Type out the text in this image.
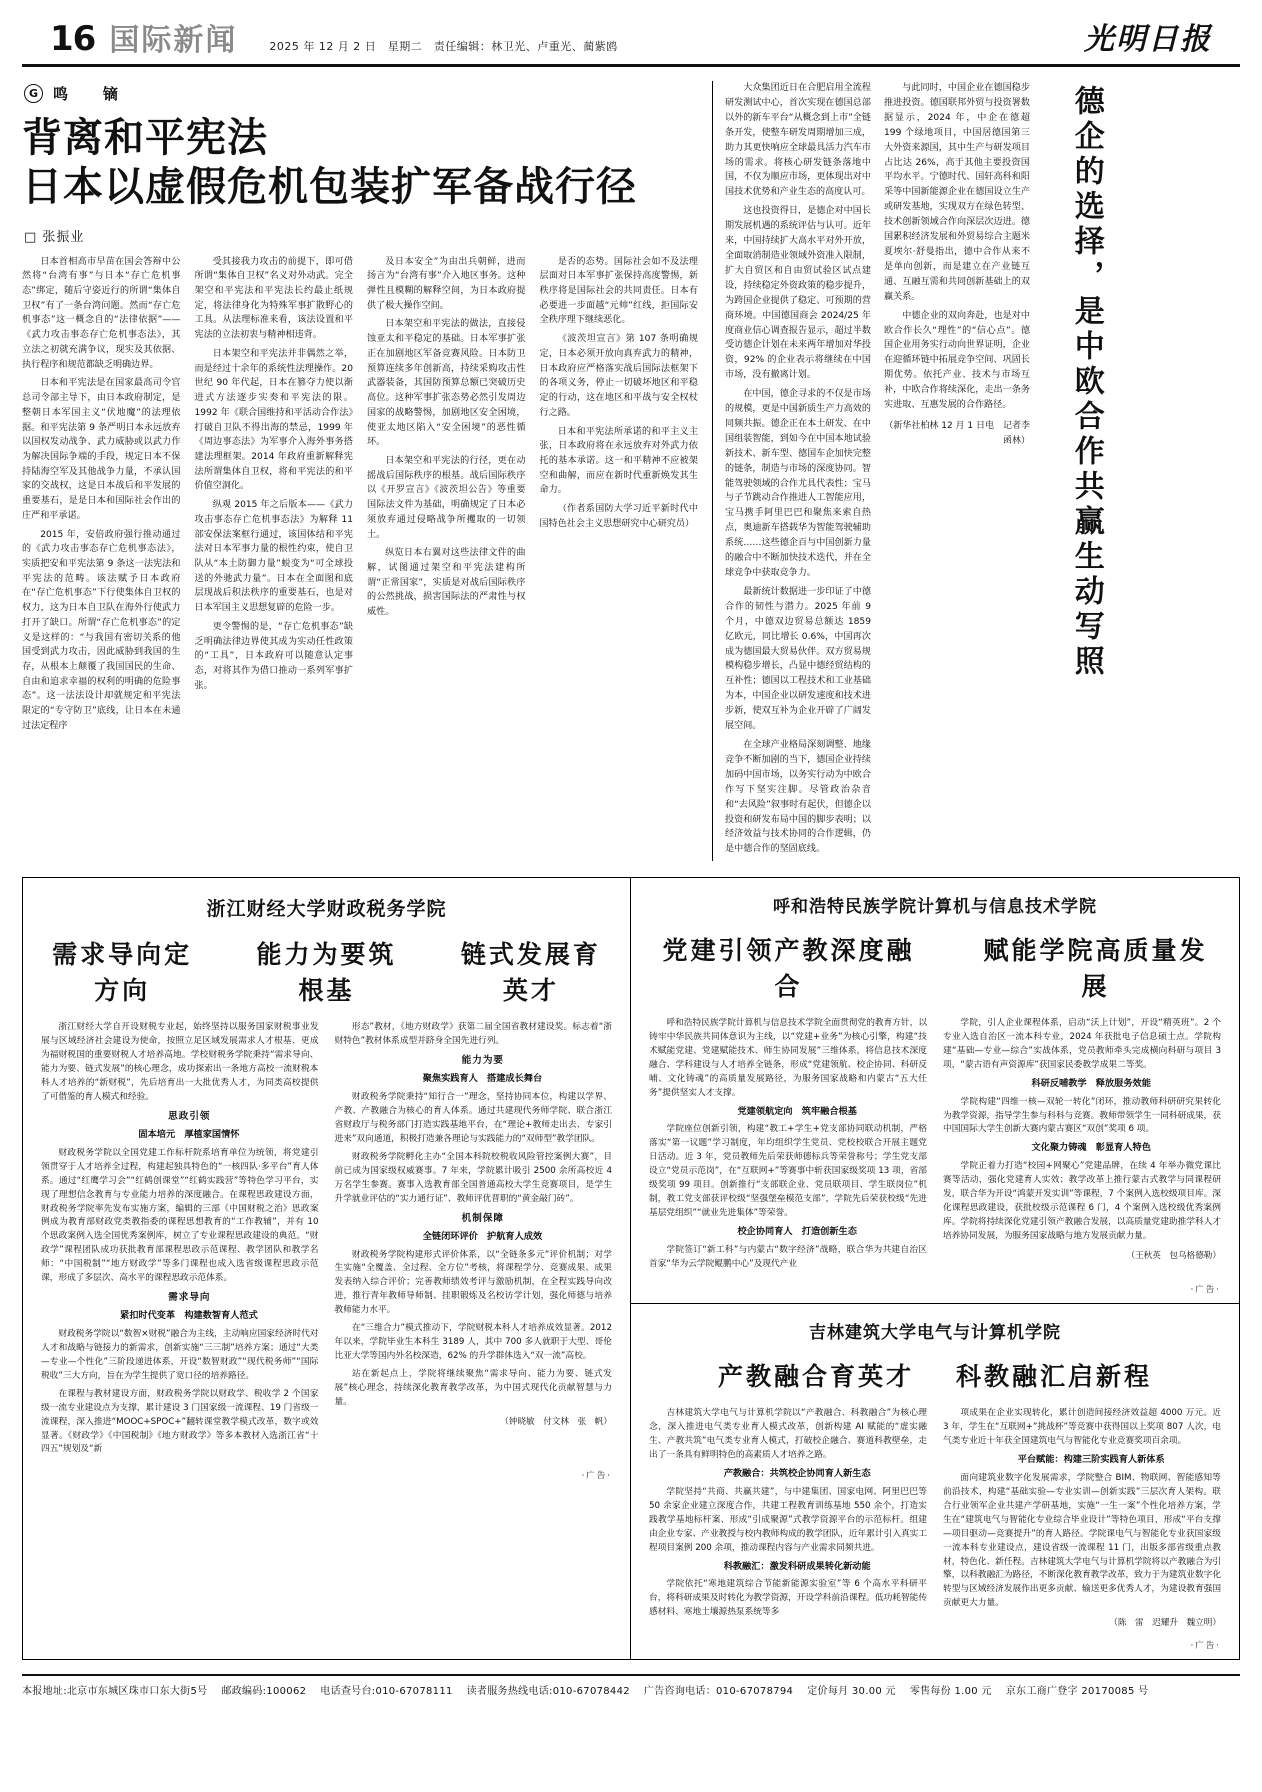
16 国际新闻	2025 年 12 月 2 日　星期二　责任编辑：林卫光、卢重光、蔺紫鸥	光明日报
G 鸣　镝
背离和平宪法
日本以虚假危机包装扩军备战行径
□ 张振业

日本首相高市早苗在国会答辩中公然将“台湾有事”与日本“存亡危机事态”绑定，随后守姿近行的所谓“集体自卫权”有了一条台湾问题。然而“存亡危机事态”这一概念自的“法律依据”——《武力攻击事态存亡危机事态法》，其立法之初就充满争议，现实及其依据、执行程序和规范都缺乏明确边界。

日本和平宪法是在国家最高司令官总司令部主导下，由日本政府制定，是整朝日本军国主义“伏地魔”的法理依据。和平宪法第 9 条严明日本永远放弃以国权发动战争、武力威胁或以武力作为解决国际争端的手段，规定日本不保持陆海空军及其他战争力量，不承认国家的交战权，这是日本战后和平发展的重要基石，是是日本和国际社会作出的庄严和平承诺。

2015 年，安倍政府强行推动通过的《武力攻击事态存亡危机事态法》，实质把安和平宪法第 9 条这一法宪法和平宪法的范畴。该法赋予日本政府在“存亡危机事态”下行使集体自卫权的权力，这为日本自卫队在海外行使武力打开了缺口。所谓“存亡危机事态”的定义是这样的：“与我国有密切关系的他国受到武力攻击，因此威胁到我国的生存，从根本上颠覆了我国国民的生命、自由和追求幸福的权利的明确的危险事态”。这一法法设计却就规定和平宪法限定的“专守防卫”底线，让日本在未通过法定程序

受其接我力攻击的前提下，即可借所谓“集体自卫权”名义对外动武。完全架空和平宪法和平宪法长约最止纸规定，将法律身化为特殊军事扩散野心的工具。从法理标准来看，该法设置和平宪法的立法初衷与精神相违背。

日本架空和平宪法并非偶然之举，而是经过十余年的系统性法理操作。20 世纪 90 年代起，日本在篡夺力使以渐进式方法逐步实奏和平宪法的限。1992 年《联合国维持和平活动合作法》打破自卫队不得出海的禁忌，1999 年《周边事态法》为军事介入海外事务搭建法理框架。2014 年政府重新解释宪法所谓集体自卫权，将和平宪法的和平价值空洞化。

纵观 2015 年之后版本——《武力攻击事态存亡危机事态法》为解释 11 部安保法案框行通过，该国体结和平宪法对日本军事力量的根性约束，使自卫队从“本土防御力量”蜕变为“可全球投送的外驰武力量”。日本在全面图和底层现战后积法秩序的重要基石，也是对日本军国主义思想复辟的危险一步。

更令警惕的是，“存亡危机事态”缺乏明确法律边界使其成为实动任性政策的“工具”，日本政府可以随意认定事态，对将其作为借口推动一系列军事扩张。

及日本安全”为由出兵朝鲜，进而扬言为“台湾有事”介入地区事务。这种弹性且模糊的解释空间，为日本政府提供了极大操作空间。

日本架空和平宪法的做法，直接侵蚀亚太和平稳定的基础。日本军事扩张正在加剧地区军备竞赛风险。日本防卫预算连续多年创新高，持续采购攻击性武器装备，其国防预算总额已突破历史高位。这种军事扩张态势必然引发周边国家的战略警惕，加剧地区安全困境，使亚太地区陷入“安全困境”的恶性循环。

日本架空和平宪法的行径，更在动摇战后国际秩序的根基。战后国际秩序以《开罗宣言》《波茨坦公告》等重要国际法文件为基础，明确规定了日本必须放弃通过侵略战争所攫取的一切领土。

纵览日本右翼对这些法律文件的曲解，试图通过架空和平宪法建构所谓“正常国家”，实质是对战后国际秩序的公然挑战，损害国际法的严肃性与权威性。

是否的态势。国际社会如不及法理层面对日本军事扩张保持高度警惕，新秩序将是国际社会的共同责任。日本有必要进一步面越“元帅”红线，拒国际安全秩序理下继续恶化。

《波茨坦宣言》第 107 条明确规定，日本必须开放向真弃武力的精神，日本政府应严格落实战后国际法框架下的各项义务，停止一切破坏地区和平稳定的行动，这在地区和平战与安全权杖行之路。

日本和平宪法所承诺的和平主义主张，日本政府将在永远放弃对外武力依托的基本承诺。这一和平精神不应被架空和曲解，而应在新时代重新焕发其生命力。

（作者系国防大学习近平新时代中国特色社会主义思想研究中心研究员）

大众集团近日在合肥启用全流程研发测试中心，首次实现在德国总部以外的新车平台“从概念到上市”全链条开发，使整车研发周期增加三成，助力其更快响应全球最具活力汽车市场的需求。将核心研发链条落地中国，不仅为顺应市场，更体现出对中国技术优势和产业生态的高度认可。

这也投资得日，是德企对中国长期发展机遇的系统评估与认可。近年来，中国持续扩大高水平对外开放，全面取消制造业领域外资准入限制，扩大自贸区和自由贸试验区试点建设，持续稳定外资政策的稳步提升，为跨国企业提供了稳定、可预期的营商环境。中国德国商会 2024/25 年度商业信心调查报告显示，超过半数受访德企计划在未来两年增加对华投资，92% 的企业表示将继续在中国市场，没有撤离计划。

在中国，德企寻求的不仅是市场的规模，更是中国新质生产力高效的同频共振。德企正在本土研发、在中国组装智能，到如今在中国本地试验新技术、新车型、德国车企加快完整的链条，制造与市场的深度协同。智能驾驶领域的合作尤具代表性；宝马与子节跳动合作推进人工智能应用，宝马携手阿里巴巴和聚焦来索自热点，奥迪新车搭载华为智能驾驶辅助系统……这些德企百与中国创新力量的融合中不断加快技术迭代，并在全球竞争中获取竞争力。

最新统计数据进一步印证了中德合作的韧性与潜力。2025 年前 9 个月，中德双边贸易总额达 1859 亿欧元，同比增长 0.6%，中国再次成为德国最大贸易伙伴。双方贸易规模构稳步增长，凸显中德经贸结构的互补性；德国以工程技术和工业基础为本，中国企业以研发速度和技术进步新，使双互补为企业开辟了广阔发展空间。

在全球产业格局深刻调整、地缘竞争不断加剧的当下，德国企业持续加码中国市场，以务实行动为中欧合作写下坚实注脚。尽管政治杂音和“去风险”叙事时有起伏，但德企以投资和研发布局中国的脚步表明；以经济效益与技术协同的合作逻辑，仍是中德合作的坚固底线。

与此同时，中国企业在德国稳步推进投资。德国联邦外贸与投资署数据显示，2024 年，中企在德超 199 个绿地项目，中国居德国第三大外资来源国，其中生产与研发项目占比达 26%，高于其他主要投资国平均水平。宁德时代、国轩高科和阳采等中国新能源企业在德国设立生产或研发基地，实现双方在绿色转型、技术创新领域合作向深层次迈进。德国累积经济发展和外贸易综合主题米夏埃尔·舒曼指出，德中合作从来不是单向创新，而是建立在产业链互通、互融互需和共同创新基础上的双赢关系。

中德企业的双向奔赴，也是对中欧合作长久“理性”的“信心点”。德国企业用务实行动向世界证明，企业在迎循环链中拓展竞争空间、巩固长期优势。依托产业、技术与市场互补，中欧合作将续深化，走出一条务实进取、互惠发展的合作路径。

（新华社柏林 12 月 1 日电　记者李函林） 德企的选择，是中欧合作共赢生动写照
浙江财经大学财政税务学院
需求导向定方向
能力为要筑根基
链式发展育英才

浙江财经大学自开设财税专业起，始终坚持以服务国家财税事业发展与区域经济社会建设为使命，按照立足区域发展需求人才根基、更成为福财税国的重要财税人才培养高地。学校财税务学院秉持“需求导向、能力为要、链式发展”的核心理念，成功探索出一条地方高校一流财税本科人才培养的“新财税”，先后培育出一大批优秀人才，为同类高校提供了可借鉴的育人模式和经验。

思政引领

固本培元　厚植家国情怀

财政税务学院以全国党建工作标杆院系培育单位为统领，将党建引领贯穿于人才培养全过程，构建起独具特色的“一核四队·多平台”育人体系。通过“红鹰学习会”“红鹤创课堂”“红鹤实践营”等特色学习平台，实现了理想信念教育与专业能力培养的深度融合。在课程思政建设方面，财政税务学院率先发布实施方案，编辑的三部《中国财税之治》思政案例成为教育部财政党类教指委的课程思想教育的“工作教辅”，并有 10 个思政案例入选全国优秀案例库，树立了专业课程思政建设的典范。“财政学”课程团队成功获批教育部课程思政示范课程、教学团队和教学名师：“中国税制”“地方财政学”等多门课程也成入选省级课程思政示范课，形成了多层次、高水平的课程思政示范体系。

需求导向

紧扣时代变革　构建数智育人范式

财政税务学院以“数智×财税”融合为主线，主动响应国家经济时代对人才和战略与链接力的新需求，创新实施“三三制”培养方案；通过“大类—专业—个性化”三阶段递进体系，开设“数智财政”“现代税务师”“国际税收”三大方向，旨在为学生提供了宽口径的培养路径。

在课程与教材建设方面，财政税务学院以财政学、税收学 2 个国家级一流专业建设点为支撑，累计建设 3 门国家级一流课程、19 门省级一流课程，深入推进“MOOC+SPOC+”翻转课堂教学模式改革，数字或效显著。《财政学》《中国税制》《地方财政学》等多本教材入选浙江省“十四五”规划及“新

形态”教材，《地方财政学》获第二届全国省教材建设奖。标志着“浙财特色”教材体系成型并跻身全国先进行列。

能力为要

聚焦实践育人　搭建成长舞台

财政税务学院秉持“知行合一”理念，坚持协同本位，构建以学界、产教、产教融合为核心的育人体系。通过共建现代务师学院、联合浙江省财政厅与税务部门打造实践基地平台，在“理论+教师走出去、专家引进来”双向通道，积极打造兼各理论与实践能力的“双师型”教学团队。

财政税务学院孵化主办“全国本科院校税收风险管控案例大赛”，目前已成为国家级权威赛事。7 年来，学院累计吸引 2500 余所高校近 4 万名学生参赛。赛事入选教育部全国普通高校大学生竞赛项目，是学生升学就业评估的“实力通行证”、教师评优晋职的“黄金敲门砖”。

机制保障

全链闭环评价　护航育人成效

财政税务学院构建形式评价体系，以“全链条多元”评价机制；对学生实施“全覆盖、全过程、全方位”考核，将课程学分、竞赛成果、成果发表纳入综合评价；完善教师绩效考评与激励机制，在全程实践导向改进，推行青年教师导师制、挂职锻炼及名校访学计划，强化师德与培养教师能力水平。

在“三维合力”模式推动下，学院财税本科人才培养成效显著。2012 年以来，学院毕业生本科生 3189 人，其中 700 多人就职于大型、哥伦比亚大学等国内外名校深造，62% 的升学群体选入“双一流”高校。

站在新起点上，学院将继续聚焦“需求导向、能力为要、链式发展”核心理念，持续深化教育教学改革，为中国式现代化贡献智慧与力量。

（钟晓敏　付文林　张　帆）
·广告·
呼和浩特民族学院计算机与信息技术学院
党建引领产教深度融合
赋能学院高质量发展

呼和浩特民族学院计算机与信息技术学院全面贯彻党的教育方针，以铸牢中华民族共同体意识为主线，以“党建+业务”为核心引擎，构建“技术赋能党建、党建赋能技术、师生协同发展”三维体系，将信息技术深度融合、学科建设与人才培养全链条，形成“党建领航、校企协同、科研反哺、文化铸魂”的高质量发展路径，为服务国家战略和内蒙古“五大任务”提供坚实人才支撑。

党建领航定向　筑牢融合根基

学院座位创新引领，构建“教工+学生+党支部协同联动机制，严格落实“第一议题”学习制度，年均组织学生党员、党校校联合开展主题党日活动。近 3 年，党员教师先后荣获师德标兵等荣誉称号；学生党支部设立“党员示范岗”，在“互联网+”等赛事中斩获国家级奖项 13 项，省部级奖项 99 项目。创新推行“支部联企业、党员联项目、学生联岗位”机制，教工党支部获评校级“坚强堡垒模范支部”，学院先后荣获校级“先进基层党组织”“就业先进集体”等荣誉。

校企协同育人　打造创新生态

学院签订“新工科”与内蒙古“数字经济”战略，联合华为共建自治区首家“华为云学院鲲鹏中心”及现代产业

学院，引人企业课程体系，启动“沃上计划”，开设“精英班”。2 个专业入选自治区一流本科专业，2024 年获批电子信息硕士点。学院构建“基础—专业—综合”实战体系，党员教师牵头完成横向科研与项目 3 项，“蒙古语有声资源库”获国家民委教学成果二等奖。

科研反哺教学　释放服务效能

学院构建“四维一核—双轮一转化”闭环，推动教师科研研究果转化为教学资源，指导学生参与科科与竞赛。教师带领学生一同科研成果，获中国国际大学生创新大赛内蒙古赛区“双创”奖项 6 项。

文化聚力铸魂　彰显育人特色

学院正着力打造“校园+网聚心”党建品牌，在续 4 年举办微党课比赛等活动，强化党建育人实效；教学改革上推行蒙古式教学与同课程研发，联合华为开设“鸿蒙开发实训”等课程，7 个案例入选校级项目库。深化课程思政建设，获批校级示范课程 6 门，4 个案例入选校级优秀案例库。学院将持续深化党建引领产教融合发展，以高质量党建助推学科人才培养协同发展，为服务国家战略与地方发展贡献力量。

（王秋英　包乌格德勒）
·广告·
吉林建筑大学电气与计算机学院
产教融合育英才 科教融汇启新程

吉林建筑大学电气与计算机学院以“产教融合、科教融合”为核心理念，深入推进电气类专业育人模式改革，创新构建 AI 赋能的“虚实融生、产教共筑”电气类专业育人模式，打破校企融合、赛道科教壁垒，走出了一条具有鲜明特色的高素质人才培养之路。

产教融合：共筑校企协同育人新生态

学院坚持“共商、共赢共建”，与中建集团、国家电网、阿里巴巴等 50 余家企业建立深度合作，共建工程教育训练基地 550 余个，打造实践教学基地标杆案、形成“引成聚源”式教学资源平台的示范标杆。组建由企业专家、产业教授与校内教师构成的教学团队，近年累计引入真实工程项目案例 200 余项，推动课程内容与产业需求同频共进。

科教融汇：激发科研成果转化新动能

学院依托“寒地建筑综合节能新能源实验室”等 6 个高水平科研平台，将科研成果及时转化为教学资源，开设学科前沿课程。低功耗智能传感材料、寒地土壤源热泵系统等多

项成果在企业实现转化，累计创造间接经济效益超 4000 万元。近 3 年，学生在“互联网+”挑战杯”等竞赛中获得国以上奖项 807 人次，电气类专业近十年获全国建筑电气与智能化专业竞赛奖项百余项。

平台赋能：构建三阶实践育人新体系

面向建筑业数字化发展需求，学院整合 BIM、物联网、智能感知等前沿技术，构建“基础实验—专业实训—创新实践”三层次育人架构。联合行业领军企业共建产学研基地，实施“一生一案”个性化培养方案，学生在“建筑电气与智能化专业综合毕业设计”等特色项目，形成“平台支撑—项目驱动—竞赛提升”的育人路径。学院课电气与智能化专业获国家级一流本科专业建设点，建设省级一流课程 11 门，出版多部省级重点教材，特色化、新任程。吉林建筑大学电气与计算机学院将以产教融合为引擎，以科教融汇为路径，不断深化教育教学改革，致力于为建筑业数字化转型与区域经济发展作出更多贡献、输送更多优秀人才，为建设教育强国贡献更大力量。

（陈　雷　迟耀升　魏立明）
·广告·
本报地址:北京市东城区珠市口东大街5号 邮政编码:100062 电话查号台:010-67078111 读者服务热线电话:010-67078442 广告咨询电话：010-67078794 定价每月 30.00 元 零售每份 1.00 元 京东工商广登字 20170085 号
